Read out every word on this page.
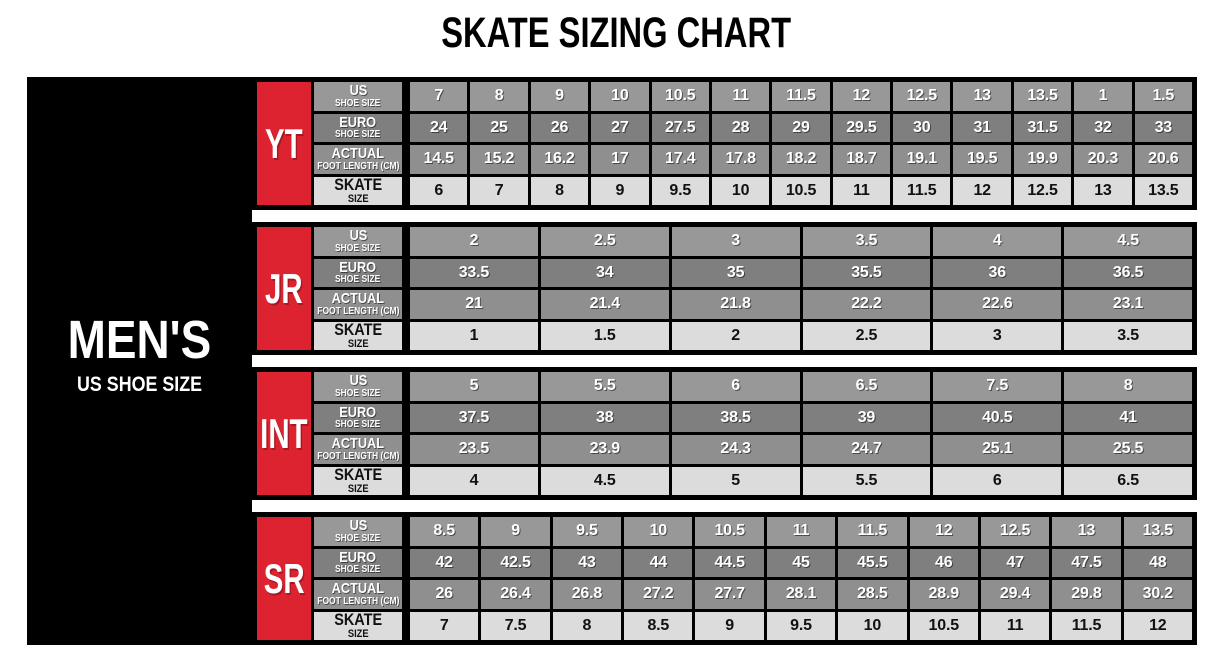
SKATE SIZING CHART
MEN'S
US SHOE SIZE
YT
US
SHOE SIZE	7	8	9	10	10.5	11	11.5	12	12.5	13	13.5	1	1.5
EURO
SHOE SIZE	24	25	26	27	27.5	28	29	29.5	30	31	31.5	32	33
ACTUAL
FOOT LENGTH (CM)	14.5	15.2	16.2	17	17.4	17.8	18.2	18.7	19.1	19.5	19.9	20.3	20.6
SKATE
SIZE
6	7	8	9	9.5	10	10.5	11	11.5	12	12.5	13	13.5
JR
US
SHOE SIZE	2	2.5	3	3.5	4	4.5
EURO
SHOE SIZE	33.5	34	35	35.5	36	36.5
ACTUAL
FOOT LENGTH (CM)	21	21.4	21.8	22.2	22.6	23.1
SKATE
SIZE
1	1.5	2	2.5	3	3.5
INT
US
SHOE SIZE	5	5.5	6	6.5	7.5	8
EURO
SHOE SIZE	37.5	38	38.5	39	40.5	41
ACTUAL
FOOT LENGTH (CM)	23.5	23.9	24.3	24.7	25.1	25.5
SKATE
SIZE
4	4.5	5	5.5	6	6.5
SR
US
SHOE SIZE	8.5	9	9.5	10	10.5	11	11.5	12	12.5	13	13.5
EURO
SHOE SIZE	42	42.5	43	44	44.5	45	45.5	46	47	47.5	48
ACTUAL
FOOT LENGTH (CM)	26	26.4	26.8	27.2	27.7	28.1	28.5	28.9	29.4	29.8	30.2
SKATE
SIZE
7	7.5	8	8.5	9	9.5	10	10.5	11	11.5	12
